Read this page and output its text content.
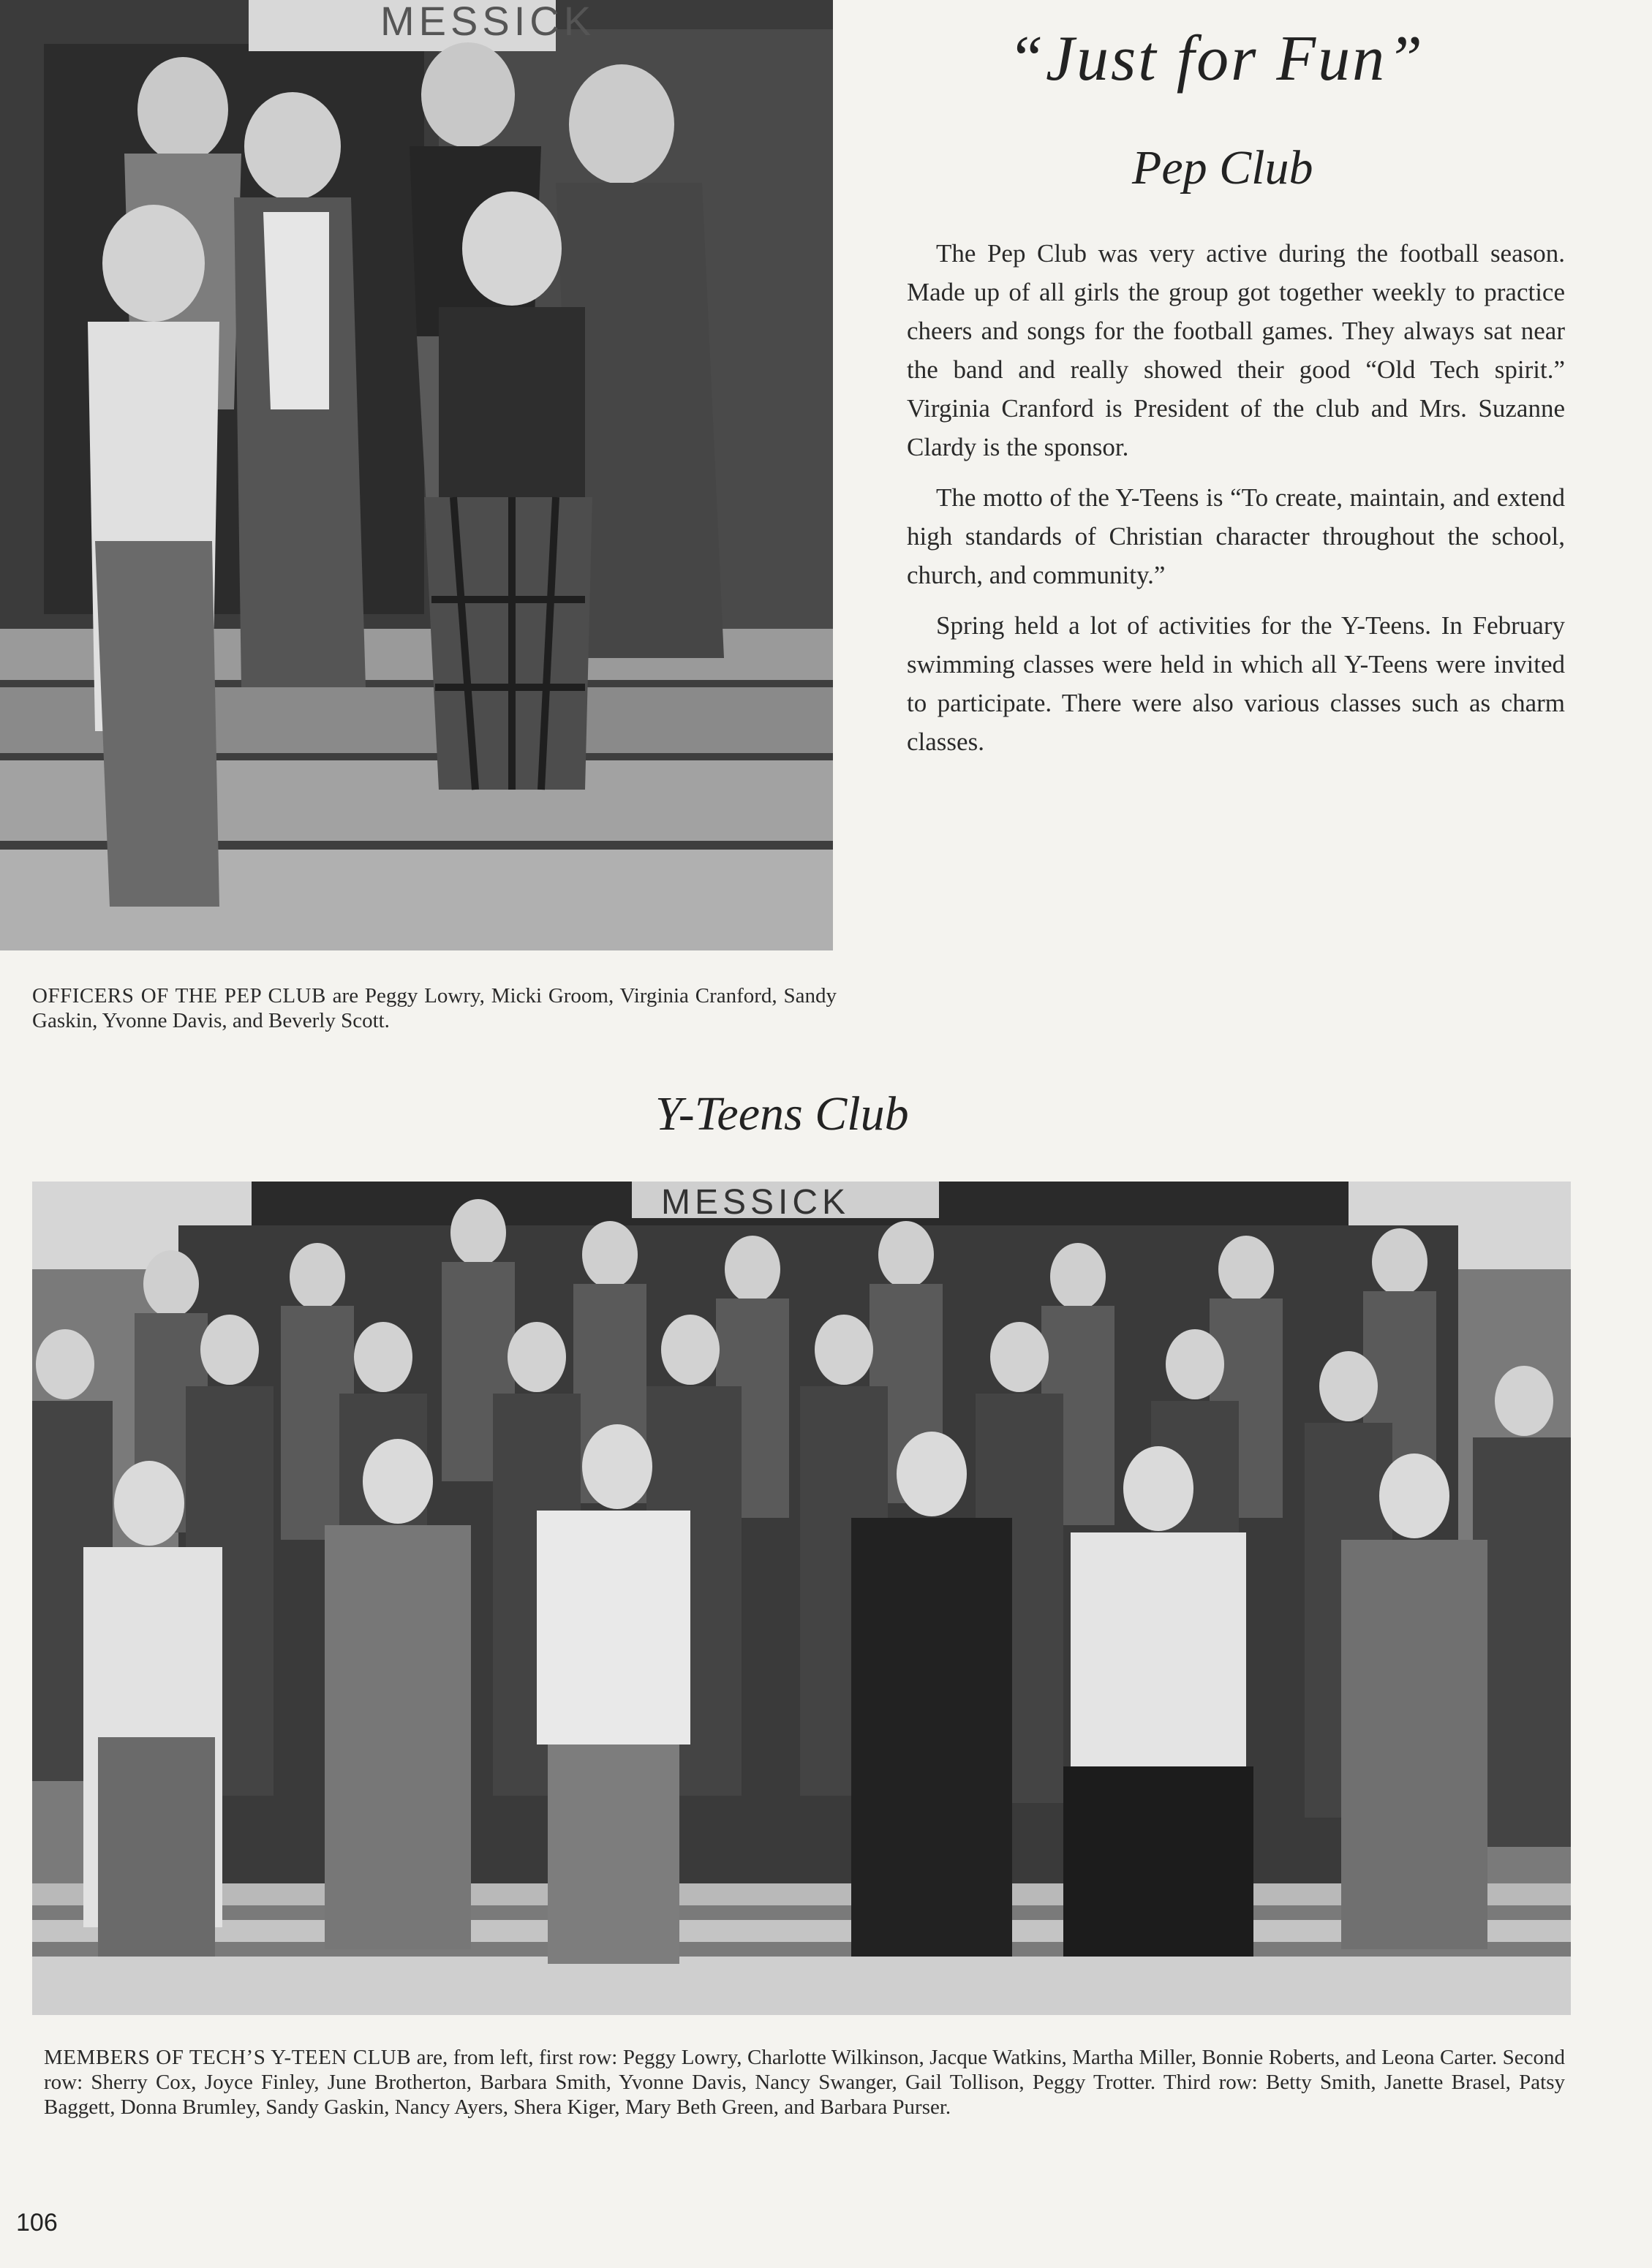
MESSICK
“Just for Fun”
Pep Club

The Pep Club was very active during the football season. Made up of all girls the group got together weekly to practice cheers and songs for the football games. They always sat near the band and really showed their good “Old Tech spirit.” Virginia Cranford is President of the club and Mrs. Suzanne Clardy is the sponsor.

The motto of the Y-Teens is “To create, maintain, and extend high standards of Christian character throughout the school, church, and community.”

Spring held a lot of activities for the Y-Teens. In February swimming classes were held in which all Y-Teens were invited to participate. There were also various classes such as charm classes.

OFFICERS OF THE PEP CLUB are Peggy Lowry, Micki Groom, Virginia Cranford, Sandy Gaskin, Yvonne Davis, and Beverly Scott.
Y-Teens Club
MESSICK
MEMBERS OF TECH’S Y-TEEN CLUB are, from left, first row: Peggy Lowry, Charlotte Wilkinson, Jacque Watkins, Martha Miller, Bonnie Roberts, and Leona Carter. Second row: Sherry Cox, Joyce Finley, June Brotherton, Barbara Smith, Yvonne Davis, Nancy Swanger, Gail Tollison, Peggy Trotter. Third row: Betty Smith, Janette Brasel, Patsy Baggett, Donna Brumley, Sandy Gaskin, Nancy Ayers, Shera Kiger, Mary Beth Green, and Barbara Purser.
106
